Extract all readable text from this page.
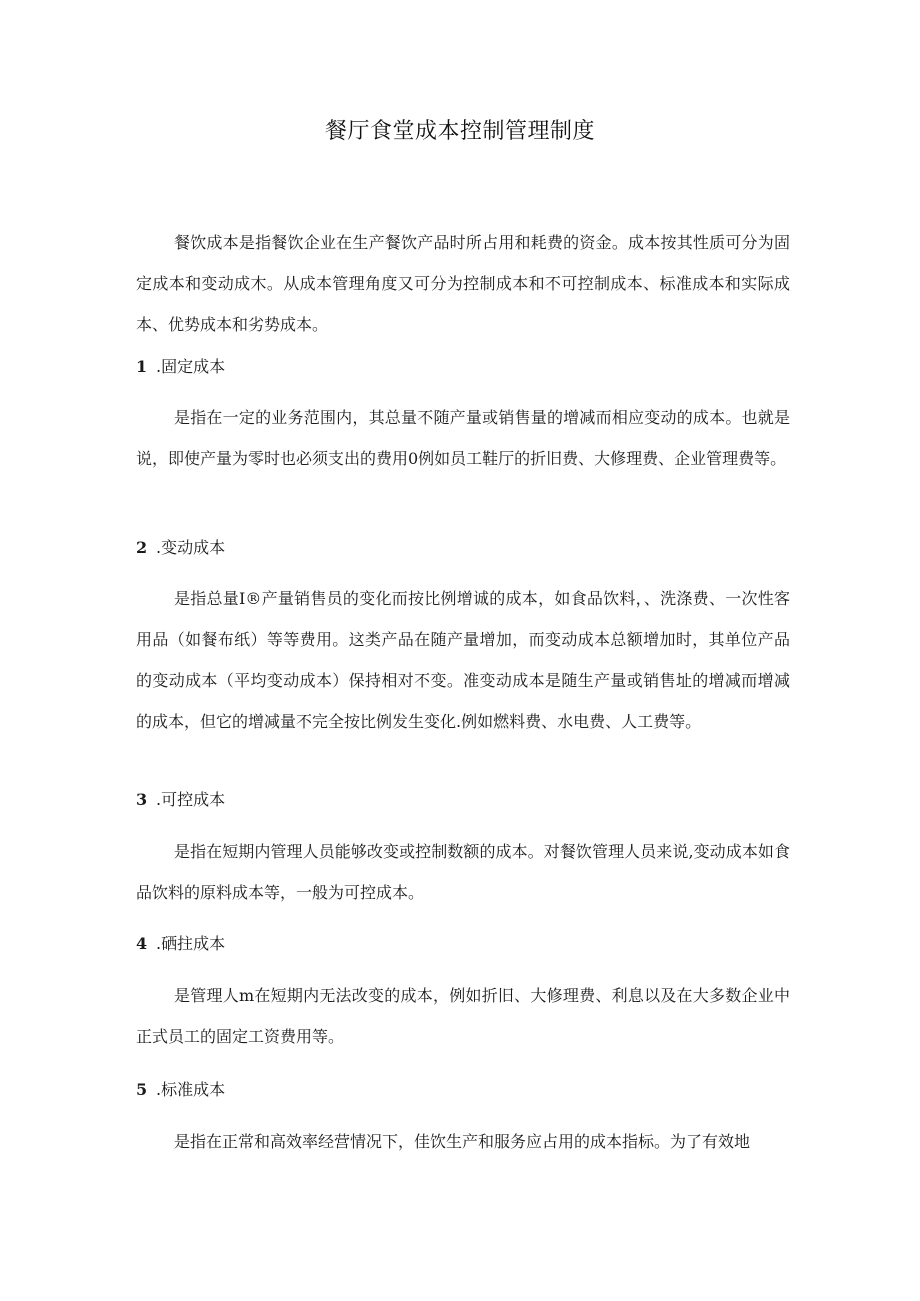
餐厅食堂成本控制管理制度

餐饮成本是指餐饮企业在生产餐饮产品时所占用和耗费的资金。成本按其性质可分为固定成本和变动成木。从成本管理角度又可分为控制成本和不可控制成本、标准成本和实际成本、优势成本和劣势成本。

1 .固定成本

是指在一定的业务范围内，其总量不随产量或销售量的增减而相应变动的成本。也就是说，即使产量为零时也必须支出的费用0例如员工鞋厅的折旧费、大修理费、企业管理费等。

2 .变动成本

是指总量I®产量销售员的变化而按比例增诚的成本，如食品饮料，、洗涤费、一次性客用品（如餐布纸）等等费用。这类产品在随产量增加，而变动成本总额增加时，其单位产品的变动成本（平均变动成本）保持相对不变。准变动成本是随生产量或销售址的增减而增减的成本，但它的增减量不完全按比例发生变化.例如燃料费、水电费、人工费等。

3 .可控成本

是指在短期内管理人员能够改变或控制数额的成本。对餐饮管理人员来说,变动成本如食品饮料的原料成本等，一般为可控成本。

4 .硒拄成本

是管理人m在短期内无法改变的成本，例如折旧、大修理费、利息以及在大多数企业中正式员工的固定工资费用等。

5 .标准成本

是指在正常和高效率经营情况下，佳饮生产和服务应占用的成本指标。为了有效地
